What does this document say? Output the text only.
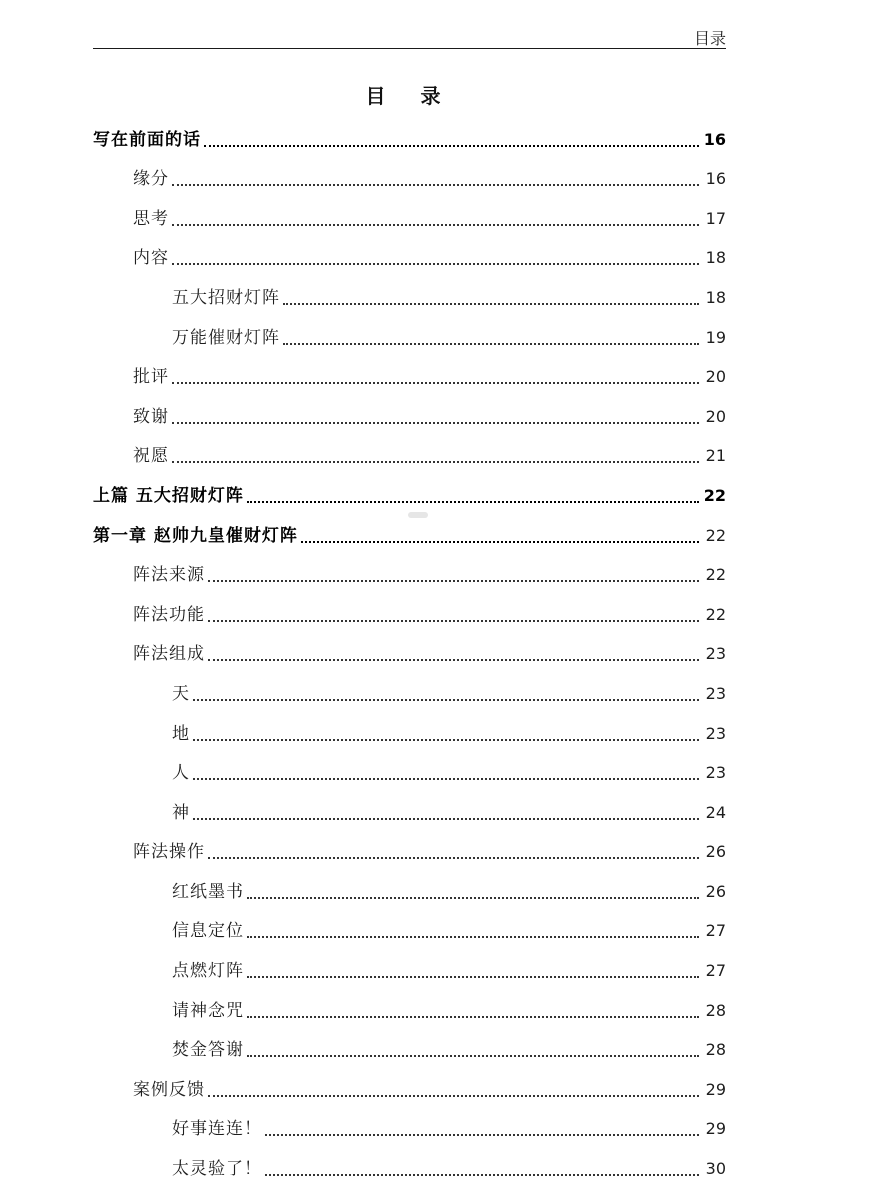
目录
目 录
写在前面的话	16
缘分	16
思考	17
内容	18
五大招财灯阵	18
万能催财灯阵	19
批评	20
致谢	20
祝愿	21
上篇 五大招财灯阵	22
第一章 赵帅九皇催财灯阵	22
阵法来源	22
阵法功能	22
阵法组成	23
天	23
地	23
人	23
神	24
阵法操作	26
红纸墨书	26
信息定位	27
点燃灯阵	27
请神念咒	28
焚金答谢	28
案例反馈	29
好事连连！	29
太灵验了！	30
